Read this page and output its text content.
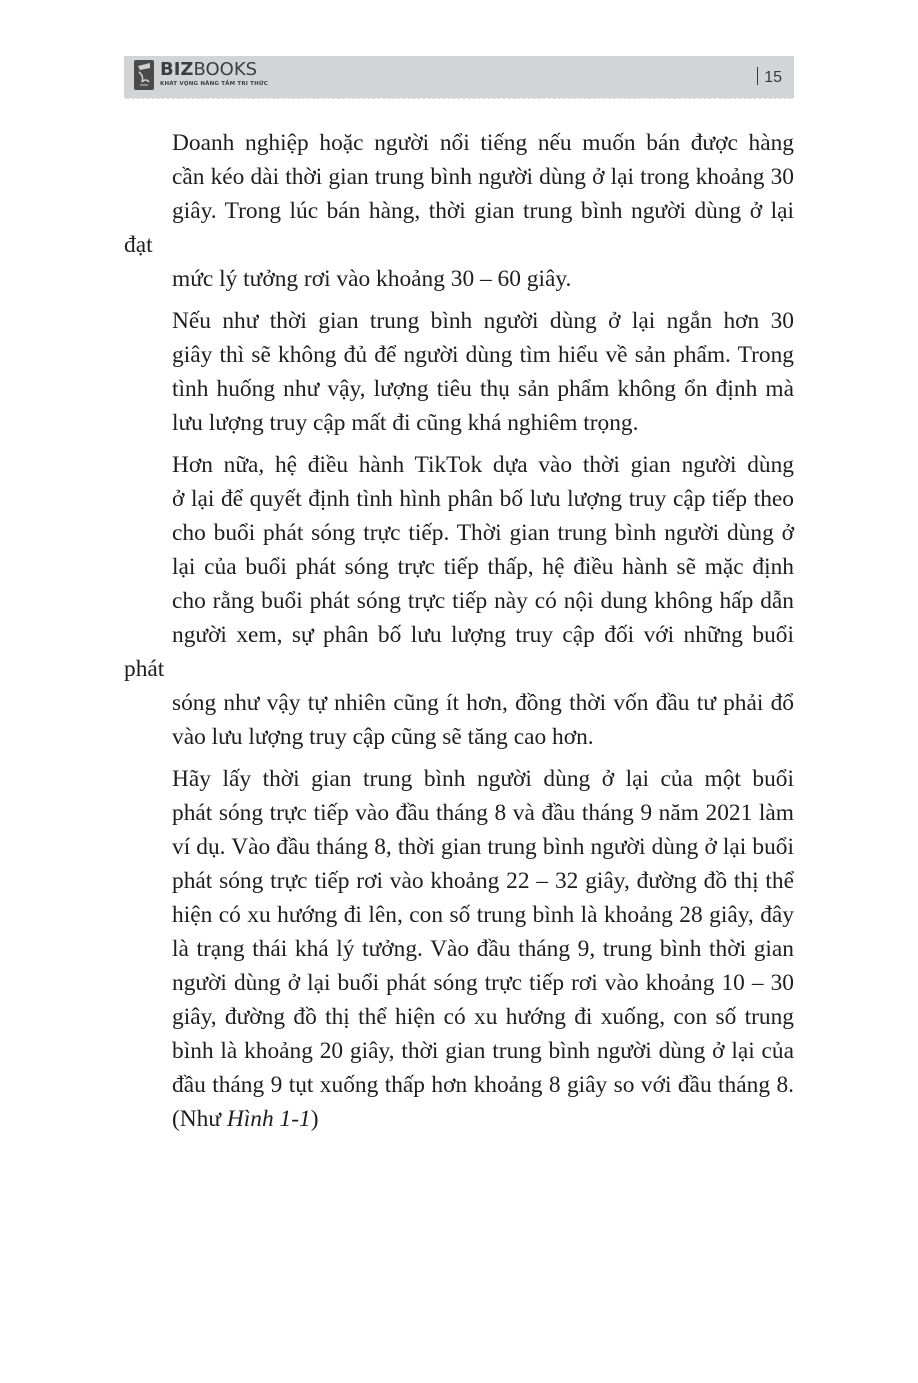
BIZBOOKS
KHÁT VỌNG NÂNG TẦM TRI THỨC	15

Doanh nghiệp hoặc người nổi tiếng nếu muốn bán được hàng
cần kéo dài thời gian trung bình người dùng ở lại trong khoảng 30
giây. Trong lúc bán hàng, thời gian trung bình người dùng ở lại đạt
mức lý tưởng rơi vào khoảng 30 – 60 giây.

Nếu như thời gian trung bình người dùng ở lại ngắn hơn 30
giây thì sẽ không đủ để người dùng tìm hiểu về sản phẩm. Trong
tình huống như vậy, lượng tiêu thụ sản phẩm không ổn định mà
lưu lượng truy cập mất đi cũng khá nghiêm trọng.

Hơn nữa, hệ điều hành TikTok dựa vào thời gian người dùng
ở lại để quyết định tình hình phân bố lưu lượng truy cập tiếp theo
cho buổi phát sóng trực tiếp. Thời gian trung bình người dùng ở
lại của buổi phát sóng trực tiếp thấp, hệ điều hành sẽ mặc định
cho rằng buổi phát sóng trực tiếp này có nội dung không hấp dẫn
người xem, sự phân bố lưu lượng truy cập đối với những buổi phát
sóng như vậy tự nhiên cũng ít hơn, đồng thời vốn đầu tư phải đổ
vào lưu lượng truy cập cũng sẽ tăng cao hơn.

Hãy lấy thời gian trung bình người dùng ở lại của một buổi
phát sóng trực tiếp vào đầu tháng 8 và đầu tháng 9 năm 2021 làm
ví dụ. Vào đầu tháng 8, thời gian trung bình người dùng ở lại buổi
phát sóng trực tiếp rơi vào khoảng 22 – 32 giây, đường đồ thị thể
hiện có xu hướng đi lên, con số trung bình là khoảng 28 giây, đây
là trạng thái khá lý tưởng. Vào đầu tháng 9, trung bình thời gian
người dùng ở lại buổi phát sóng trực tiếp rơi vào khoảng 10 – 30
giây, đường đồ thị thể hiện có xu hướng đi xuống, con số trung
bình là khoảng 20 giây, thời gian trung bình người dùng ở lại của
đầu tháng 9 tụt xuống thấp hơn khoảng 8 giây so với đầu tháng 8.
(Như Hình 1-1)
